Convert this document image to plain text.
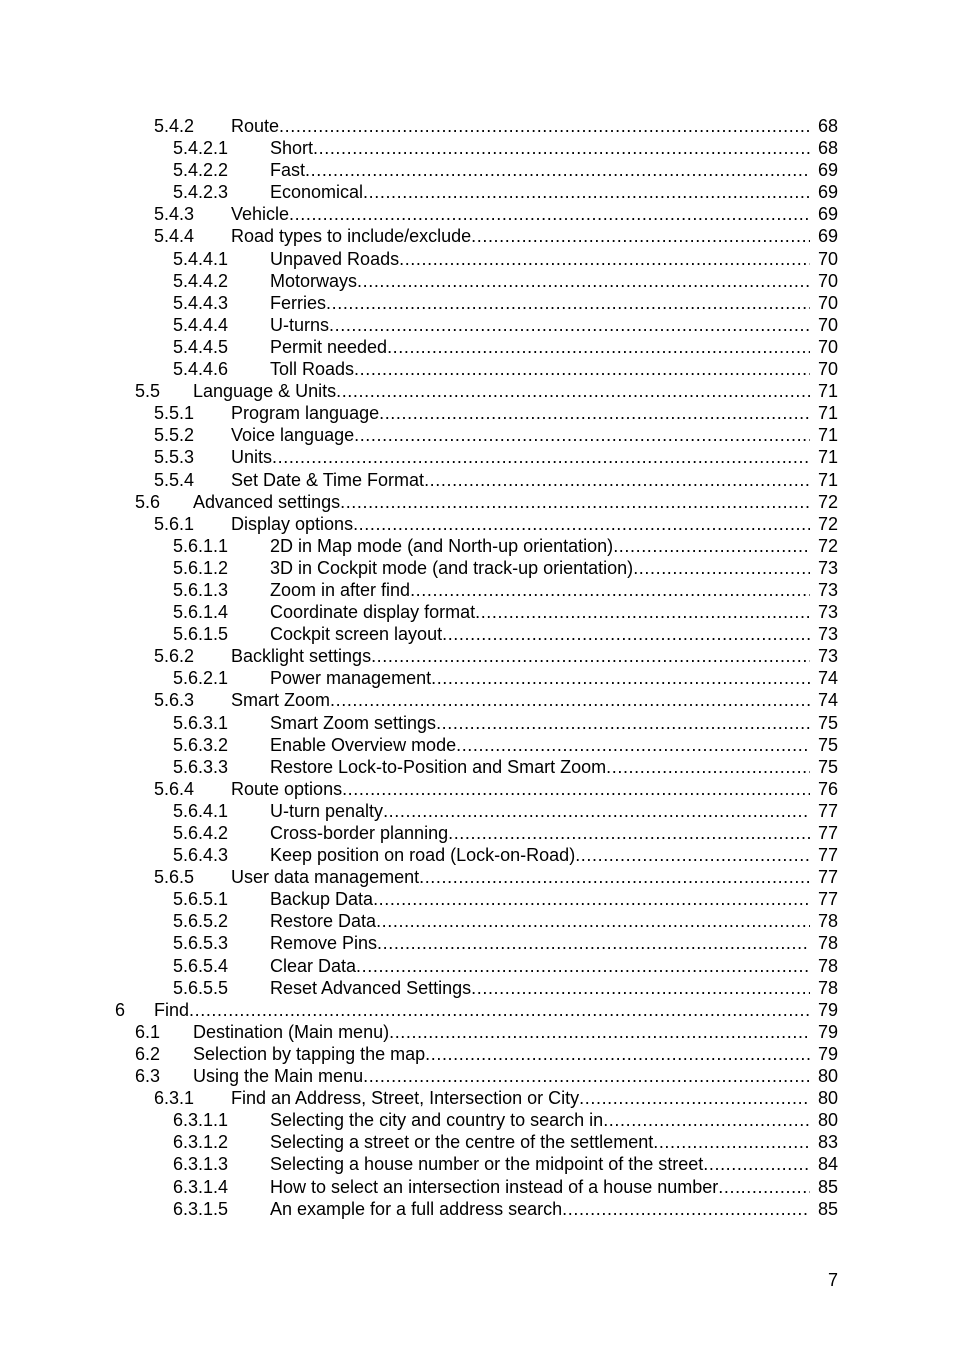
5.4.2 Route .....	68
5.4.2.1 Short .....	68
5.4.2.2 Fast .....	69
5.4.2.3 Economical .....	69
5.4.3 Vehicle .....	69
5.4.4 Road types to include/exclude .....	69
5.4.4.1 Unpaved Roads .....	70
5.4.4.2 Motorways .....	70
5.4.4.3 Ferries .....	70
5.4.4.4 U-turns .....	70
5.4.4.5 Permit needed .....	70
5.4.4.6 Toll Roads .....	70
5.5 Language & Units .....	71
5.5.1 Program language .....	71
5.5.2 Voice language .....	71
5.5.3 Units .....	71
5.5.4 Set Date & Time Format .....	71
5.6 Advanced settings .....	72
5.6.1 Display options .....	72
5.6.1.1 2D in Map mode (and North-up orientation) .....	72
5.6.1.2 3D in Cockpit mode (and track-up orientation) .....	73
5.6.1.3 Zoom in after find .....	73
5.6.1.4 Coordinate display format .....	73
5.6.1.5 Cockpit screen layout .....	73
5.6.2 Backlight settings .....	73
5.6.2.1 Power management .....	74
5.6.3 Smart Zoom .....	74
5.6.3.1 Smart Zoom settings .....	75
5.6.3.2 Enable Overview mode .....	75
5.6.3.3 Restore Lock-to-Position and Smart Zoom .....	75
5.6.4 Route options .....	76
5.6.4.1 U-turn penalty .....	77
5.6.4.2 Cross-border planning .....	77
5.6.4.3 Keep position on road (Lock-on-Road) .....	77
5.6.5 User data management .....	77
5.6.5.1 Backup Data .....	77
5.6.5.2 Restore Data .....	78
5.6.5.3 Remove Pins .....	78
5.6.5.4 Clear Data .....	78
5.6.5.5 Reset Advanced Settings .....	78
6 Find .....	79
6.1 Destination (Main menu) .....	79
6.2 Selection by tapping the map .....	79
6.3 Using the Main menu .....	80
6.3.1 Find an Address, Street, Intersection or City .....	80
6.3.1.1 Selecting the city and country to search in .....	80
6.3.1.2 Selecting a street or the centre of the settlement .....	83
6.3.1.3 Selecting a house number or the midpoint of the street .....	84
6.3.1.4 How to select an intersection instead of a house number .....	85
6.3.1.5 An example for a full address search .....	85
7
